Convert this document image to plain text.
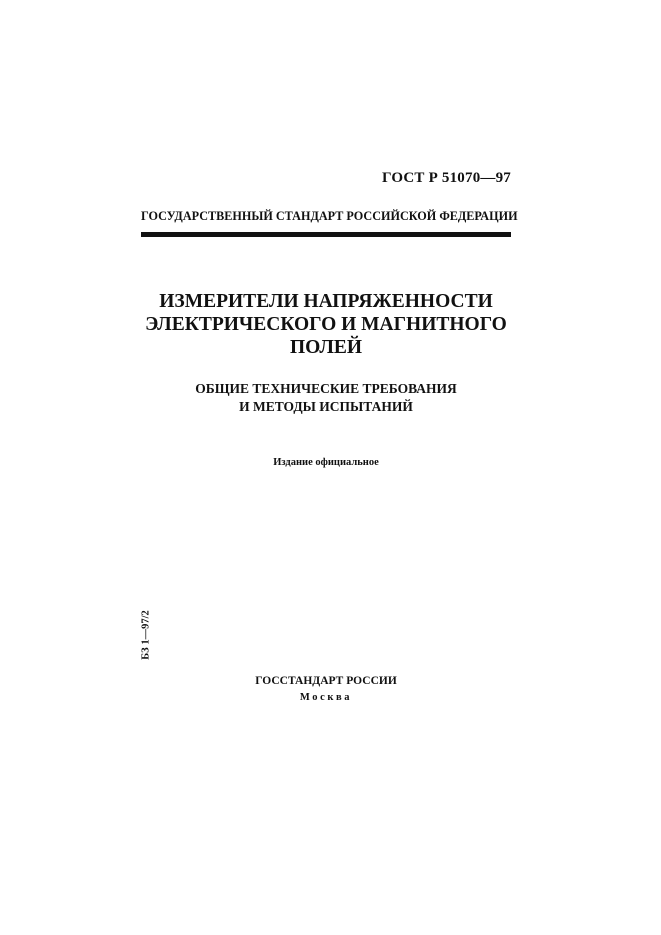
ГОСТ Р 51070—97
ГОСУДАРСТВЕННЫЙ СТАНДАРТ РОССИЙСКОЙ ФЕДЕРАЦИИ
ИЗМЕРИТЕЛИ НАПРЯЖЕННОСТИ
ЭЛЕКТРИЧЕСКОГО И МАГНИТНОГО
ПОЛЕЙ
ОБЩИЕ ТЕХНИЧЕСКИЕ ТРЕБОВАНИЯ
И МЕТОДЫ ИСПЫТАНИЙ
Издание официальное
БЗ 1—97/2
ГОССТАНДАРТ РОССИИ
Москва
